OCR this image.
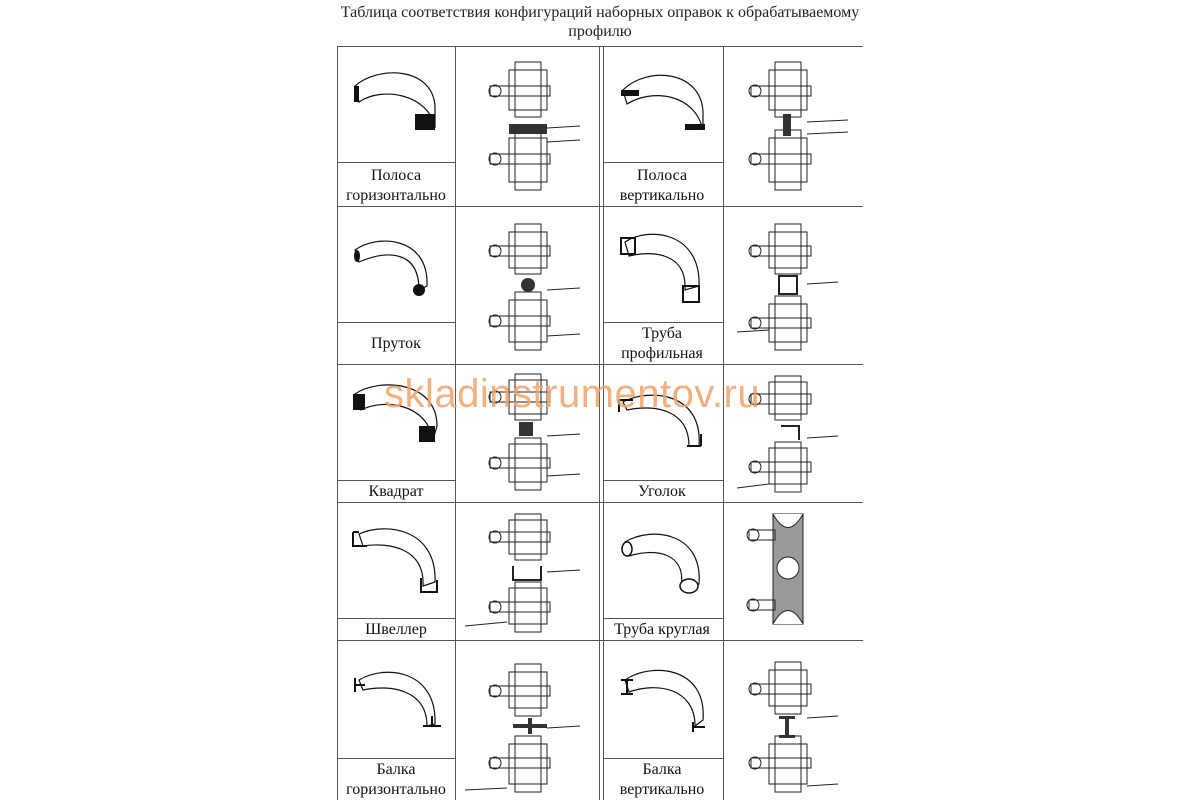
Таблица соответствия конфигураций наборных оправок к обрабатываемому профилю
Полоса
горизонтально
Полоса
вертикально
Пруток
Труба
профильная
Квадрат	Уголок
Швеллер	Труба круглая
Балка
горизонтально
Балка
вертикально
skladinstrumentov.ru
